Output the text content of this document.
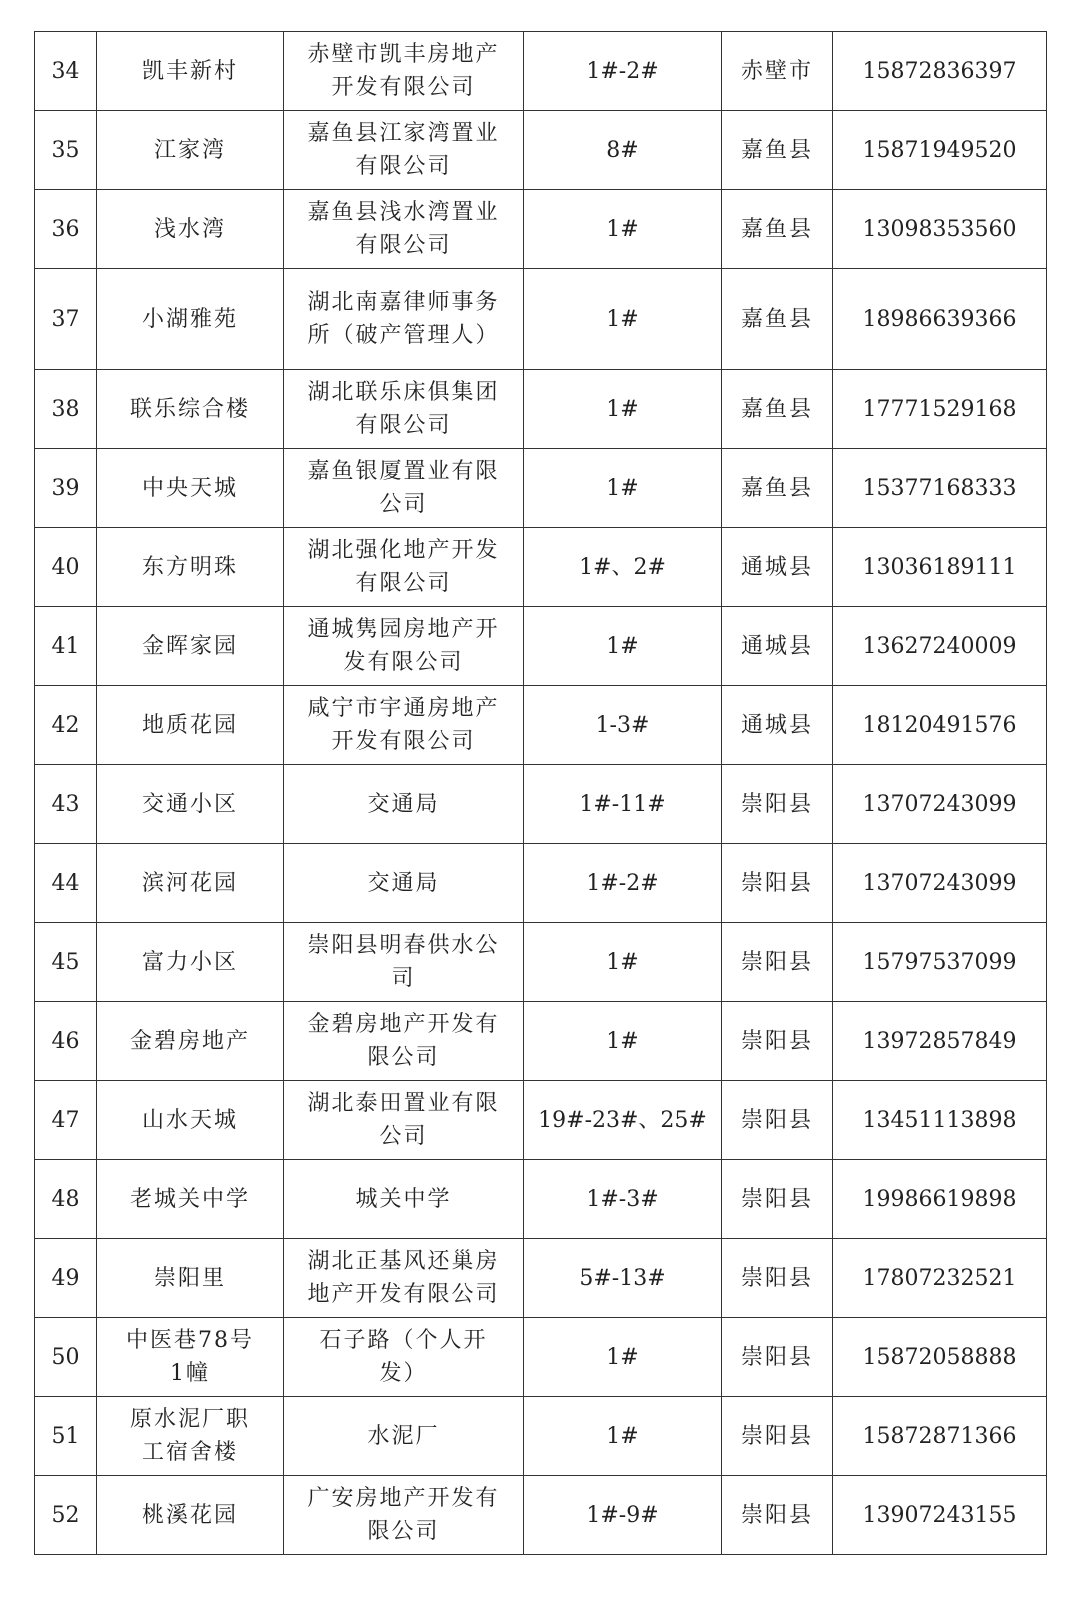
34	凯丰新村	赤壁市凯丰房地产开发有限公司	1#-2#	赤壁市	15872836397
35	江家湾	嘉鱼县江家湾置业有限公司	8#	嘉鱼县	15871949520
36	浅水湾	嘉鱼县浅水湾置业有限公司	1#	嘉鱼县	13098353560
37	小湖雅苑	湖北南嘉律师事务所（破产管理人）	1#	嘉鱼县	18986639366
38	联乐综合楼	湖北联乐床俱集团有限公司	1#	嘉鱼县	17771529168
39	中央天城	嘉鱼银厦置业有限公司	1#	嘉鱼县	15377168333
40	东方明珠	湖北强化地产开发有限公司	1#、2#	通城县	13036189111
41	金晖家园	通城隽园房地产开发有限公司	1#	通城县	13627240009
42	地质花园	咸宁市宇通房地产开发有限公司	1-3#	通城县	18120491576
43	交通小区	交通局	1#-11#	崇阳县	13707243099
44	滨河花园	交通局	1#-2#	崇阳县	13707243099
45	富力小区	崇阳县明春供水公司	1#	崇阳县	15797537099
46	金碧房地产	金碧房地产开发有限公司	1#	崇阳县	13972857849
47	山水天城	湖北泰田置业有限公司	19#-23#、25#	崇阳县	13451113898
48	老城关中学	城关中学	1#-3#	崇阳县	19986619898
49	崇阳里	湖北正基风还巢房地产开发有限公司	5#-13#	崇阳县	17807232521
50	中医巷78号1幢	石子路（个人开发）	1#	崇阳县	15872058888
51	原水泥厂职工宿舍楼	水泥厂	1#	崇阳县	15872871366
52	桃溪花园	广安房地产开发有限公司	1#-9#	崇阳县	13907243155
